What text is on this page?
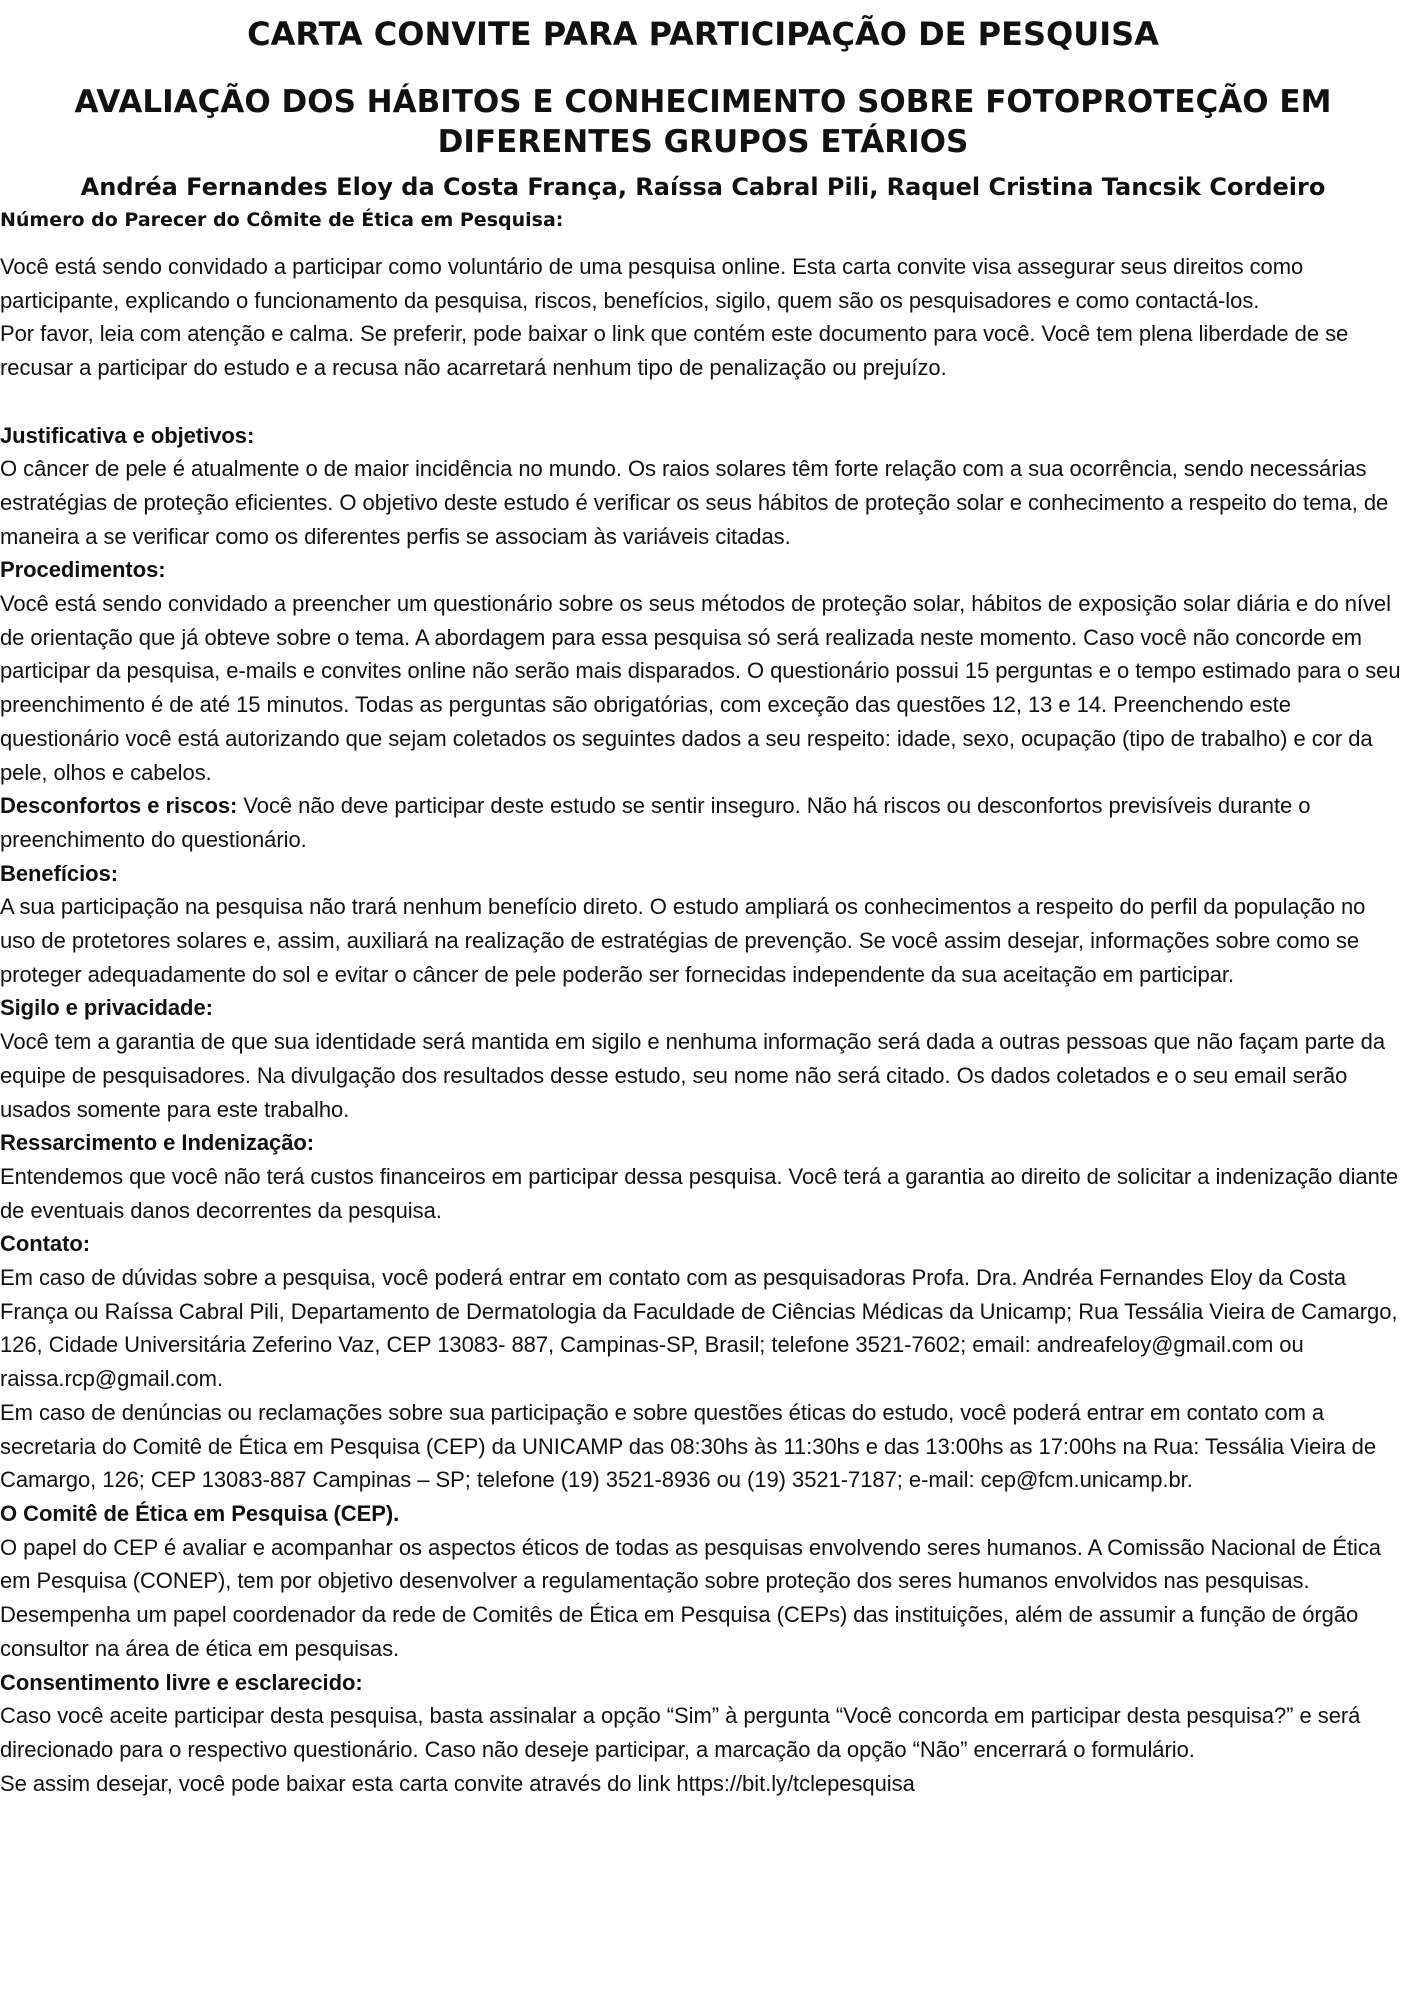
CARTA CONVITE PARA PARTICIPAÇÃO DE PESQUISA
AVALIAÇÃO DOS HÁBITOS E CONHECIMENTO SOBRE FOTOPROTEÇÃO EM DIFERENTES GRUPOS ETÁRIOS
Andréa Fernandes Eloy da Costa França, Raíssa Cabral Pili, Raquel Cristina Tancsik Cordeiro
Número do Parecer do Cômite de Ética em Pesquisa:

Você está sendo convidado a participar como voluntário de uma pesquisa online. Esta carta convite visa assegurar seus direitos como participante, explicando o funcionamento da pesquisa, riscos, benefícios, sigilo, quem são os pesquisadores e como contactá-los.

Por favor, leia com atenção e calma. Se preferir, pode baixar o link que contém este documento para você. Você tem plena liberdade de se recusar a participar do estudo e a recusa não acarretará nenhum tipo de penalização ou prejuízo.

Justificativa e objetivos:
O câncer de pele é atualmente o de maior incidência no mundo. Os raios solares têm forte relação com a sua ocorrência, sendo necessárias estratégias de proteção eficientes. O objetivo deste estudo é verificar os seus hábitos de proteção solar e conhecimento a respeito do tema, de maneira a se verificar como os diferentes perfis se associam às variáveis citadas.

Procedimentos:
Você está sendo convidado a preencher um questionário sobre os seus métodos de proteção solar, hábitos de exposição solar diária e do nível de orientação que já obteve sobre o tema. A abordagem para essa pesquisa só será realizada neste momento. Caso você não concorde em participar da pesquisa, e-mails e convites online não serão mais disparados. O questionário possui 15 perguntas e o tempo estimado para o seu preenchimento é de até 15 minutos. Todas as perguntas são obrigatórias, com exceção das questões 12, 13 e 14. Preenchendo este questionário você está autorizando que sejam coletados os seguintes dados a seu respeito: idade, sexo, ocupação (tipo de trabalho) e cor da pele, olhos e cabelos.

Desconfortos e riscos: Você não deve participar deste estudo se sentir inseguro. Não há riscos ou desconfortos previsíveis durante o preenchimento do questionário.

Benefícios:
A sua participação na pesquisa não trará nenhum benefício direto. O estudo ampliará os conhecimentos a respeito do perfil da população no uso de protetores solares e, assim, auxiliará na realização de estratégias de prevenção. Se você assim desejar, informações sobre como se proteger adequadamente do sol e evitar o câncer de pele poderão ser fornecidas independente da sua aceitação em participar.

Sigilo e privacidade:
Você tem a garantia de que sua identidade será mantida em sigilo e nenhuma informação será dada a outras pessoas que não façam parte da equipe de pesquisadores. Na divulgação dos resultados desse estudo, seu nome não será citado. Os dados coletados e o seu email serão usados somente para este trabalho.

Ressarcimento e Indenização:
Entendemos que você não terá custos financeiros em participar dessa pesquisa. Você terá a garantia ao direito de solicitar a indenização diante de eventuais danos decorrentes da pesquisa.

Contato:
Em caso de dúvidas sobre a pesquisa, você poderá entrar em contato com as pesquisadoras Profa. Dra. Andréa Fernandes Eloy da Costa França ou Raíssa Cabral Pili, Departamento de Dermatologia da Faculdade de Ciências Médicas da Unicamp; Rua Tessália Vieira de Camargo, 126, Cidade Universitária Zeferino Vaz, CEP 13083- 887, Campinas-SP, Brasil; telefone 3521-7602; email: andreafeloy@gmail.com ou raissa.rcp@gmail.com.
Em caso de denúncias ou reclamações sobre sua participação e sobre questões éticas do estudo, você poderá entrar em contato com a secretaria do Comitê de Ética em Pesquisa (CEP) da UNICAMP das 08:30hs às 11:30hs e das 13:00hs as 17:00hs na Rua: Tessália Vieira de Camargo, 126; CEP 13083-887 Campinas – SP; telefone (19) 3521-8936 ou (19) 3521-7187; e-mail: cep@fcm.unicamp.br.

O Comitê de Ética em Pesquisa (CEP).
O papel do CEP é avaliar e acompanhar os aspectos éticos de todas as pesquisas envolvendo seres humanos. A Comissão Nacional de Ética em Pesquisa (CONEP), tem por objetivo desenvolver a regulamentação sobre proteção dos seres humanos envolvidos nas pesquisas. Desempenha um papel coordenador da rede de Comitês de Ética em Pesquisa (CEPs) das instituições, além de assumir a função de órgão consultor na área de ética em pesquisas.

Consentimento livre e esclarecido:
Caso você aceite participar desta pesquisa, basta assinalar a opção “Sim” à pergunta “Você concorda em participar desta pesquisa?” e será direcionado para o respectivo questionário. Caso não deseje participar, a marcação da opção “Não” encerrará o formulário.
Se assim desejar, você pode baixar esta carta convite através do link https://bit.ly/tclepesquisa
